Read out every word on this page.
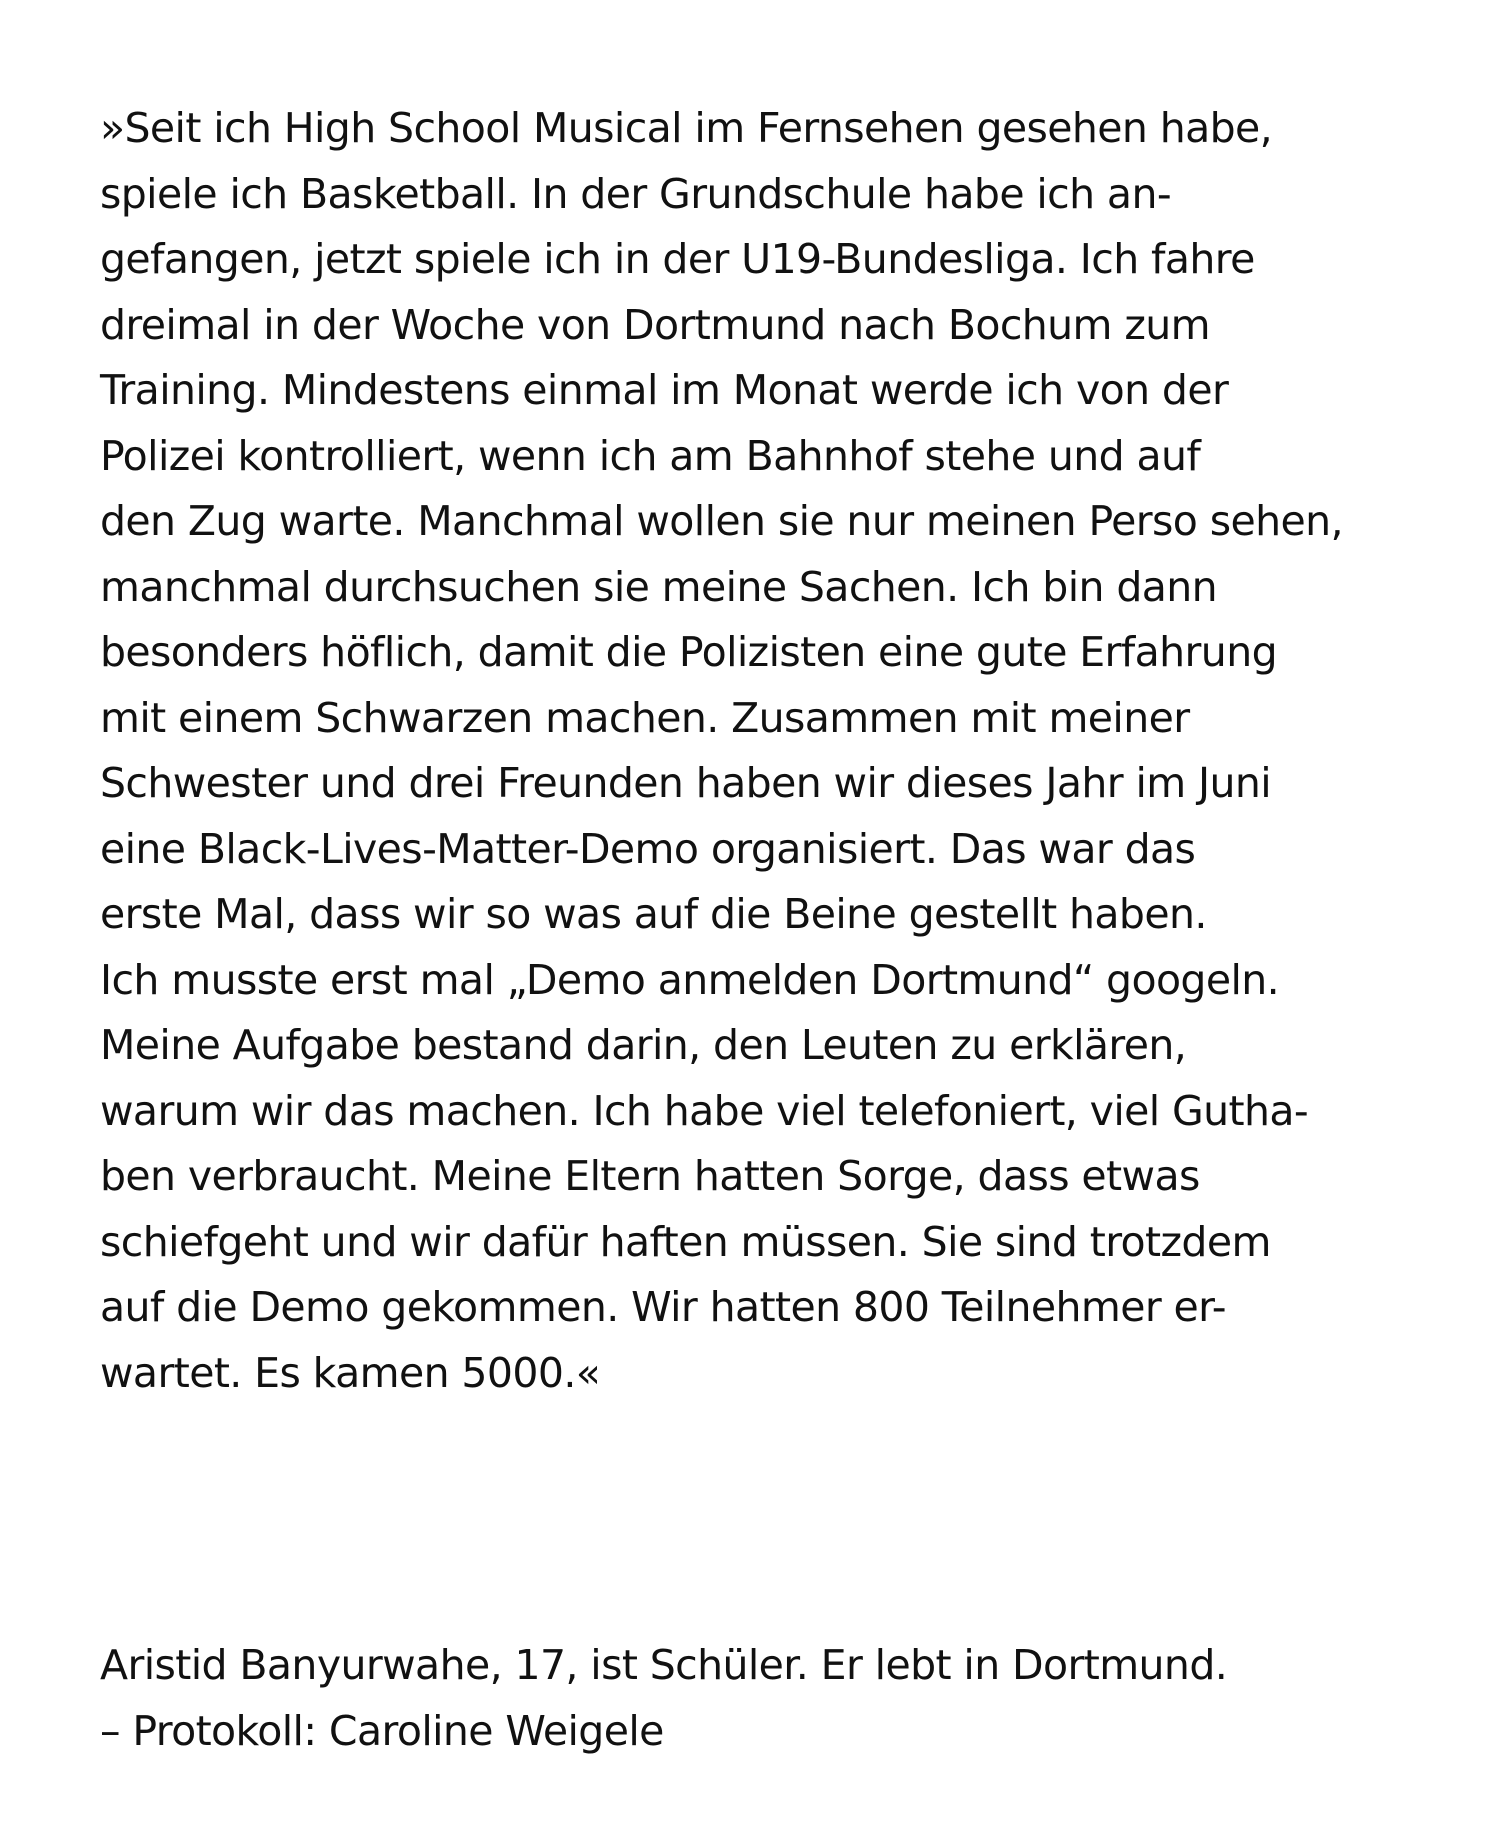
»Seit ich High School Musical im Fernsehen gesehen habe,
spiele ich Basketball. In der Grundschule habe ich an-
gefangen, jetzt spiele ich in der U19-Bundesliga. Ich fahre
dreimal in der Woche von Dortmund nach Bochum zum
Training. Mindestens einmal im Monat werde ich von der
Polizei kontrolliert, wenn ich am Bahnhof stehe und auf
den Zug warte. Manchmal wollen sie nur meinen Perso sehen,
manchmal durchsuchen sie meine Sachen. Ich bin dann
besonders höflich, damit die Polizisten eine gute Erfahrung
mit einem Schwarzen machen. Zusammen mit meiner
Schwester und drei Freunden haben wir dieses Jahr im Juni
eine Black-Lives-Matter-Demo organisiert. Das war das
erste Mal, dass wir so was auf die Beine gestellt haben.
Ich musste erst mal „Demo anmelden Dortmund“ googeln.
Meine Aufgabe bestand darin, den Leuten zu erklären,
warum wir das machen. Ich habe viel telefoniert, viel Gutha-
ben verbraucht. Meine Eltern hatten Sorge, dass etwas
schiefgeht und wir dafür haften müssen. Sie sind trotzdem
auf die Demo gekommen. Wir hatten 800 Teilnehmer er-
wartet. Es kamen 5000.«
Aristid Banyurwahe, 17, ist Schüler. Er lebt in Dortmund.
– Protokoll: Caroline Weigele
